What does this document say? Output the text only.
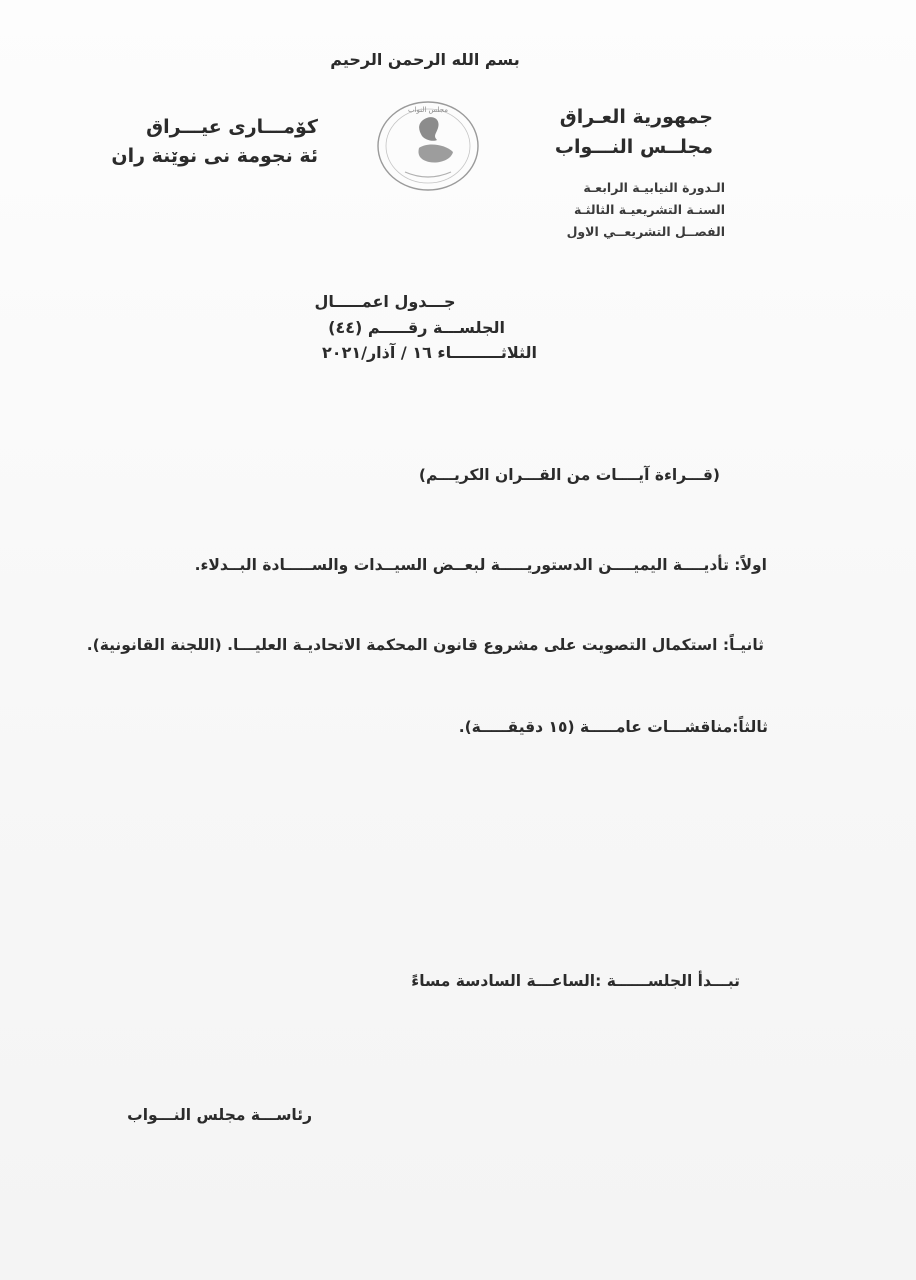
بسم الله الرحمن الرحيم
جمهورية العـراق
مجلــس النـــواب
كۆمـــارى عيـــراق
ئة نجومة نى نوێنة ران
الـدورة النيابيـة الرابعـة
السنـة التشريعيـة الثالثـة
الفصــل التشريعــي الاول
مجلس النواب
جـــدول اعمـــــال
الجلســـة رقـــــم (٤٤)
الثلاثـــــــــاء ١٦ / آذار/٢٠٢١
(قـــراءة آيــــات من القـــران الكريـــم)
اولاً: تأديــــة اليميــــن الدستوريـــــة لبعــض السيــدات والســـــادة البــدلاء.
ثانيـاً: استكمال التصويت على مشروع قانون المحكمة الاتحاديـة العليـــا. (اللجنة القانونية).
ثالثاً:مناقشـــات عامـــــة (١٥ دقيقـــــة).
تبـــدأ الجلســــــة :الساعـــة السادسة مساءً
رئاســـة مجلس النـــواب
